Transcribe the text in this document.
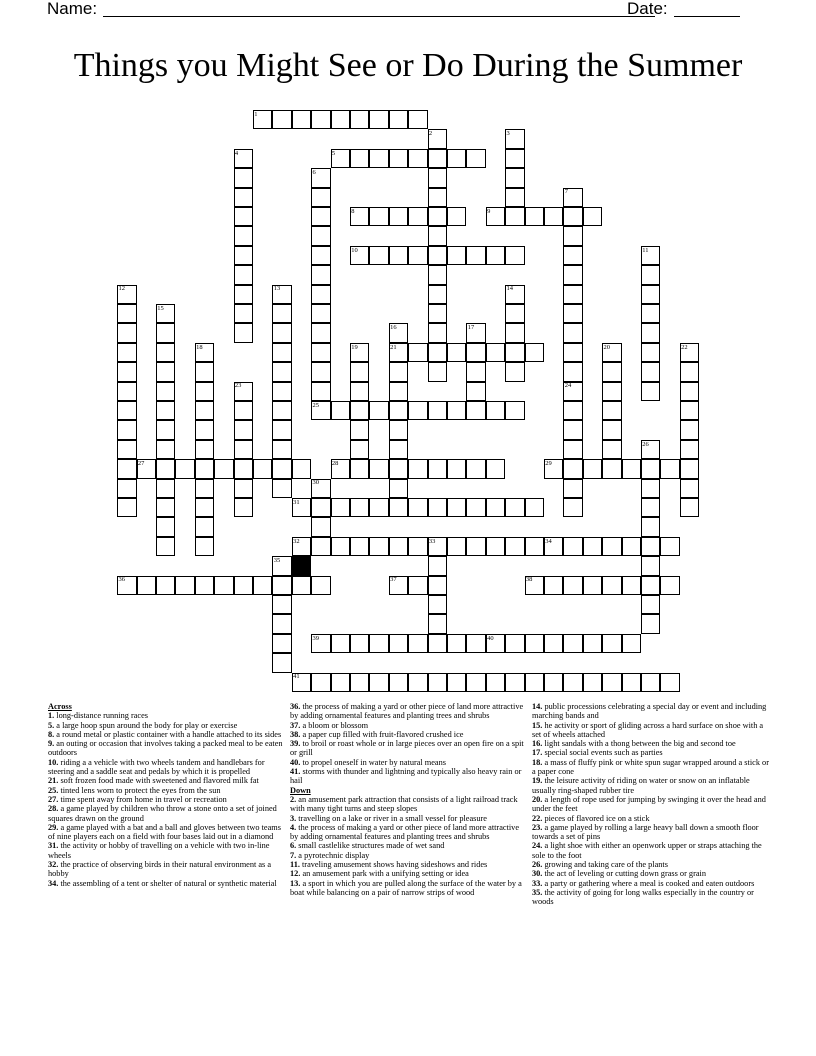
Name:	Date:
Things you Might See or Do During the Summer
1
2	3
4	5
6
7
8	9
10	11
12	13	14
15
16	17
18	19	20
21	22
23	24
25
26
27	28	29
30
31
32	33	34
35
36	37	38
39	40
41

Across

1. long-distance running races
5. a large hoop spun around the body for play or exercise
8. a round metal or plastic container with a handle attached to its sides
9. an outing or occasion that involves taking a packed meal to be eaten outdoors
10. riding a a vehicle with two wheels tandem and handlebars for steering and a saddle seat and pedals by which it is propelled
21. soft frozen food made with sweetened and flavored milk fat
25. tinted lens worn to protect the eyes from the sun
27. time spent away from home in travel or recreation
28. a game played by children who throw a stone onto a set of joined squares drawn on the ground
29. a game played with a bat and a ball and gloves between two teams of nine players each on a field with four bases laid out in a diamond
31. the activity or hobby of travelling on a vehicle with two in-line wheels
32. the practice of observing birds in their natural environment as a hobby
34. the assembling of a tent or shelter of natural or synthetic material
36. the process of making a yard or other piece of land more attractive by adding ornamental features and planting trees and shrubs
37. a bloom or blossom
38. a paper cup filled with fruit-flavored crushed ice
39. to broil or roast whole or in large pieces over an open fire on a spit or grill
40. to propel oneself in water by natural means
41. storms with thunder and lightning and typically also heavy rain or hail

Down

2. an amusement park attraction that consists of a light railroad track with many tight turns and steep slopes
3. travelling on a lake or river in a small vessel for pleasure
4. the process of making a yard or other piece of land more attractive by adding ornamental features and planting trees and shrubs
6. small castlelike structures made of wet sand
7. a pyrotechnic display
11. traveling amusement shows having sideshows and rides
12. an amusement park with a unifying setting or idea
13. a sport in which you are pulled along the surface of the water by a boat while balancing on a pair of narrow strips of wood
14. public processions celebrating a special day or event and including marching bands and
15. he activity or sport of gliding across a hard surface on shoe with a set of wheels attached
16. light sandals with a thong between the big and second toe
17. special social events such as parties
18. a mass of fluffy pink or white spun sugar wrapped around a stick or a paper cone
19. the leisure activity of riding on water or snow on an inflatable usually ring-shaped rubber tire
20. a length of rope used for jumping by swinging it over the head and under the feet
22. pieces of flavored ice on a stick
23. a game played by rolling a large heavy ball down a smooth floor towards a set of pins
24. a light shoe with either an openwork upper or straps attaching the sole to the foot
26. growing and taking care of the plants
30. the act of leveling or cutting down grass or grain
33. a party or gathering where a meal is cooked and eaten outdoors
35. the activity of going for long walks especially in the country or woods
